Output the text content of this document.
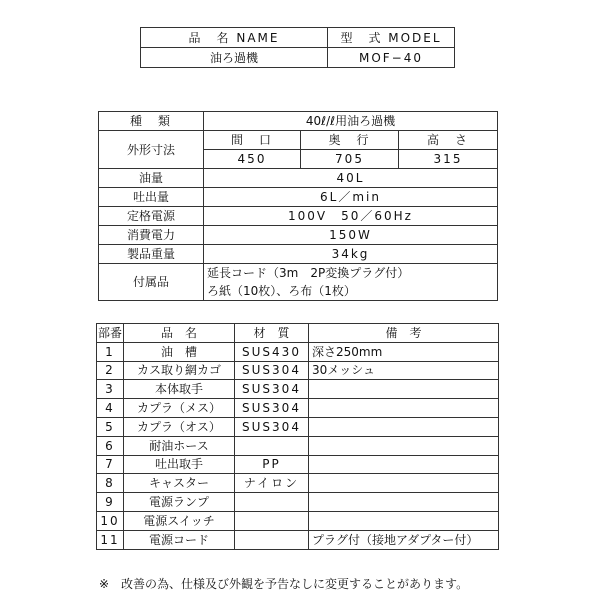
品　名 NAME	型　式 MODEL
油ろ過機	MOF−40
種　類	40ℓ/ℓ用油ろ過機		
外形寸法	間　口	奥　行	高　さ
	450	705	315
油量	40L		
吐出量	6L／min		
定格電源	100V　50／60Hz		
消費電力	150W		
製品重量	34kg		
付属品	延長コード（3m　2P変換プラグ付）
ろ紙（10枚）、ろ布（1枚）		
部番	品　名	材　質	備　考
1	油　槽	SUS430	深さ250mm
2	カス取り網カゴ	SUS304	30メッシュ
3	本体取手	SUS304	
4	カプラ（メス）	SUS304	
5	カプラ（オス）	SUS304	
6	耐油ホース		
7	吐出取手	PP	
8	キャスター	ナイロン	
9	電源ランプ		
10	電源スイッチ		
11	電源コード		プラグ付（接地アダプター付）
※　改善の為、仕様及び外観を予告なしに変更することがあります。
